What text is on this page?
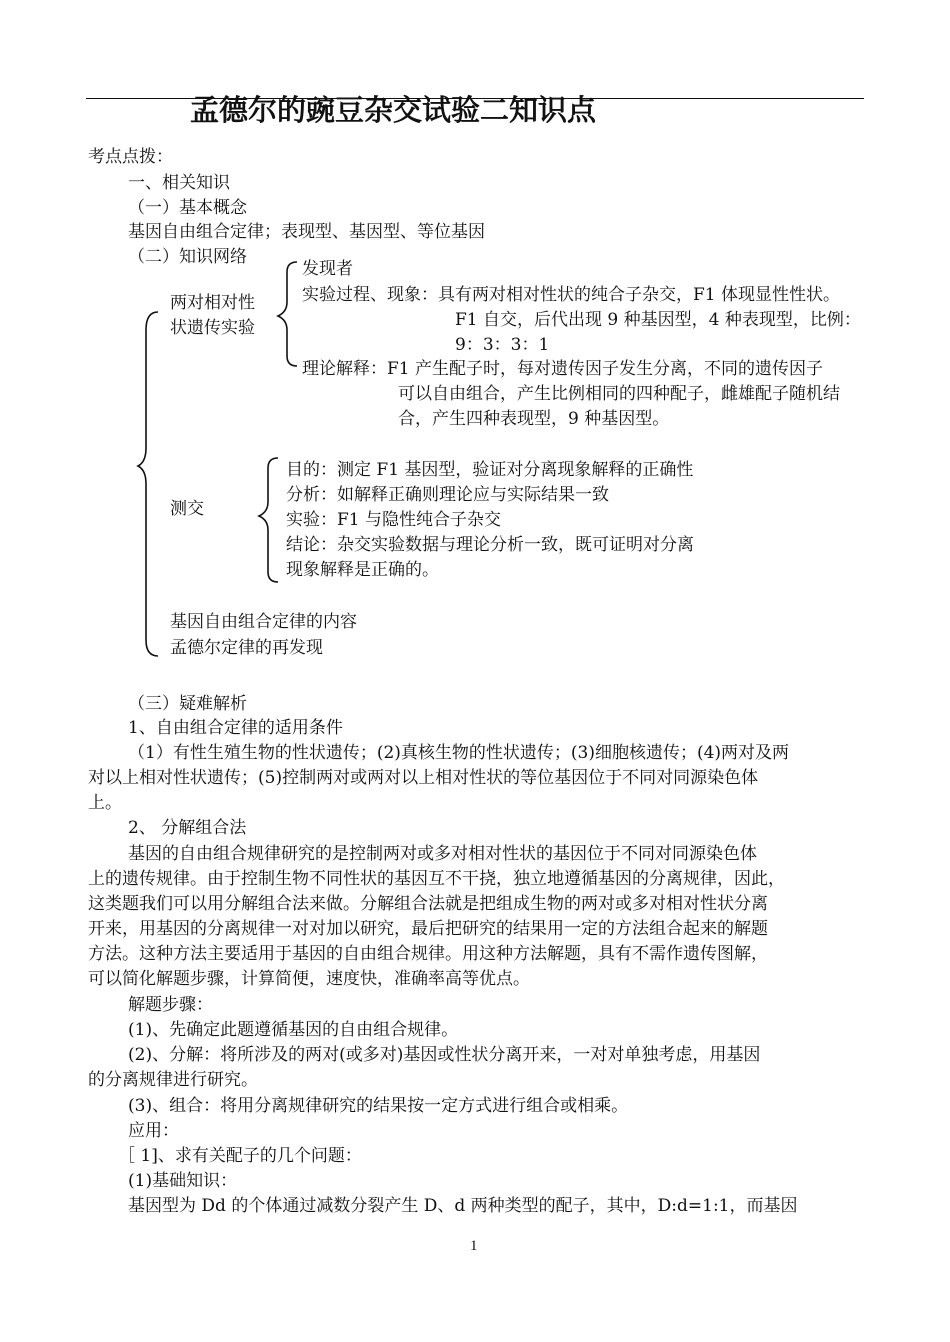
孟德尔的豌豆杂交试验二知识点
考点点拨：
一、相关知识
（一）基本概念
基因自由组合定律；表现型、基因型、等位基因
（二）知识网络
两对相对性
状遗传实验
发现者
实验过程、现象：具有两对相对性状的纯合子杂交，F1 体现显性性状。
F1 自交，后代出现 9 种基因型，4 种表现型，比例：
9：3：3：1
理论解释：F1 产生配子时，每对遗传因子发生分离，不同的遗传因子
可以自由组合，产生比例相同的四种配子，雌雄配子随机结
合，产生四种表现型，9 种基因型。
测交
目的：测定 F1 基因型，验证对分离现象解释的正确性
分析：如解释正确则理论应与实际结果一致
实验：F1 与隐性纯合子杂交
结论：杂交实验数据与理论分析一致，既可证明对分离
现象解释是正确的。
基因自由组合定律的内容
孟德尔定律的再发现
（三）疑难解析
1、自由组合定律的适用条件
（1）有性生殖生物的性状遗传；(2)真核生物的性状遗传；(3)细胞核遗传；(4)两对及两
对以上相对性状遗传；(5)控制两对或两对以上相对性状的等位基因位于不同对同源染色体
上。
2、 分解组合法
基因的自由组合规律研究的是控制两对或多对相对性状的基因位于不同对同源染色体
上的遗传规律。由于控制生物不同性状的基因互不干挠，独立地遵循基因的分离规律，因此，
这类题我们可以用分解组合法来做。分解组合法就是把组成生物的两对或多对相对性状分离
开来，用基因的分离规律一对对加以研究，最后把研究的结果用一定的方法组合起来的解题
方法。这种方法主要适用于基因的自由组合规律。用这种方法解题，具有不需作遗传图解，
可以简化解题步骤，计算简便，速度快，准确率高等优点。
解题步骤：
(1)、先确定此题遵循基因的自由组合规律。
(2)、分解：将所涉及的两对(或多对)基因或性状分离开来，一对对单独考虑，用基因
的分离规律进行研究。
(3)、组合：将用分离规律研究的结果按一定方式进行组合或相乘。
应用：
［ 1]、求有关配子的几个问题：
(1)基础知识：
基因型为 Dd 的个体通过减数分裂产生 D、d 两种类型的配子，其中，D:d=1:1，而基因
1
